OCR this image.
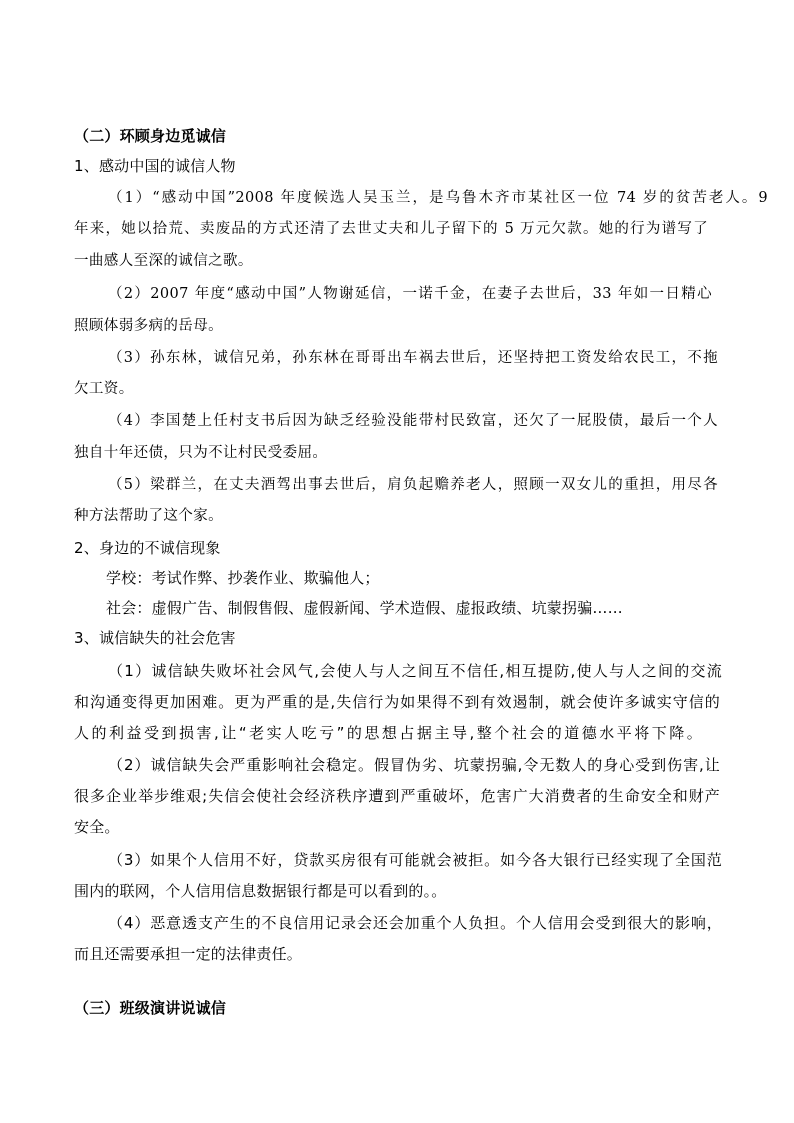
（二）环顾身边觅诚信
1、感动中国的诚信人物
（1）“感动中国”2008 年度候选人吴玉兰，是乌鲁木齐市某社区一位 74 岁的贫苦老人。9
年来，她以拾荒、卖废品的方式还清了去世丈夫和儿子留下的 5 万元欠款。她的行为谱写了
一曲感人至深的诚信之歌。
（2）2007 年度“感动中国”人物谢延信，一诺千金，在妻子去世后，33 年如一日精心
照顾体弱多病的岳母。
（3）孙东林，诚信兄弟，孙东林在哥哥出车祸去世后，还坚持把工资发给农民工，不拖
欠工资。
（4）李国楚上任村支书后因为缺乏经验没能带村民致富，还欠了一屁股债，最后一个人
独自十年还债，只为不让村民受委屈。
（5）梁群兰，在丈夫酒驾出事去世后，肩负起赡养老人，照顾一双女儿的重担，用尽各
种方法帮助了这个家。
2、身边的不诚信现象
学校：考试作弊、抄袭作业、欺骗他人；
社会：虚假广告、制假售假、虚假新闻、学术造假、虚报政绩、坑蒙拐骗……
3、诚信缺失的社会危害
（1）诚信缺失败坏社会风气,会使人与人之间互不信任,相互提防,使人与人之间的交流
和沟通变得更加困难。更为严重的是,失信行为如果得不到有效遏制，就会使许多诚实守信的
人的利益受到损害,让“老实人吃亏”的思想占据主导,整个社会的道德水平将下降。
（2）诚信缺失会严重影响社会稳定。假冒伪劣、坑蒙拐骗,令无数人的身心受到伤害,让
很多企业举步维艰;失信会使社会经济秩序遭到严重破坏，危害广大消费者的生命安全和财产
安全。
（3）如果个人信用不好，贷款买房很有可能就会被拒。如今各大银行已经实现了全国范
围内的联网，个人信用信息数据银行都是可以看到的。。
（4）恶意透支产生的不良信用记录会还会加重个人负担。个人信用会受到很大的影响，
而且还需要承担一定的法律责任。
（三）班级演讲说诚信
